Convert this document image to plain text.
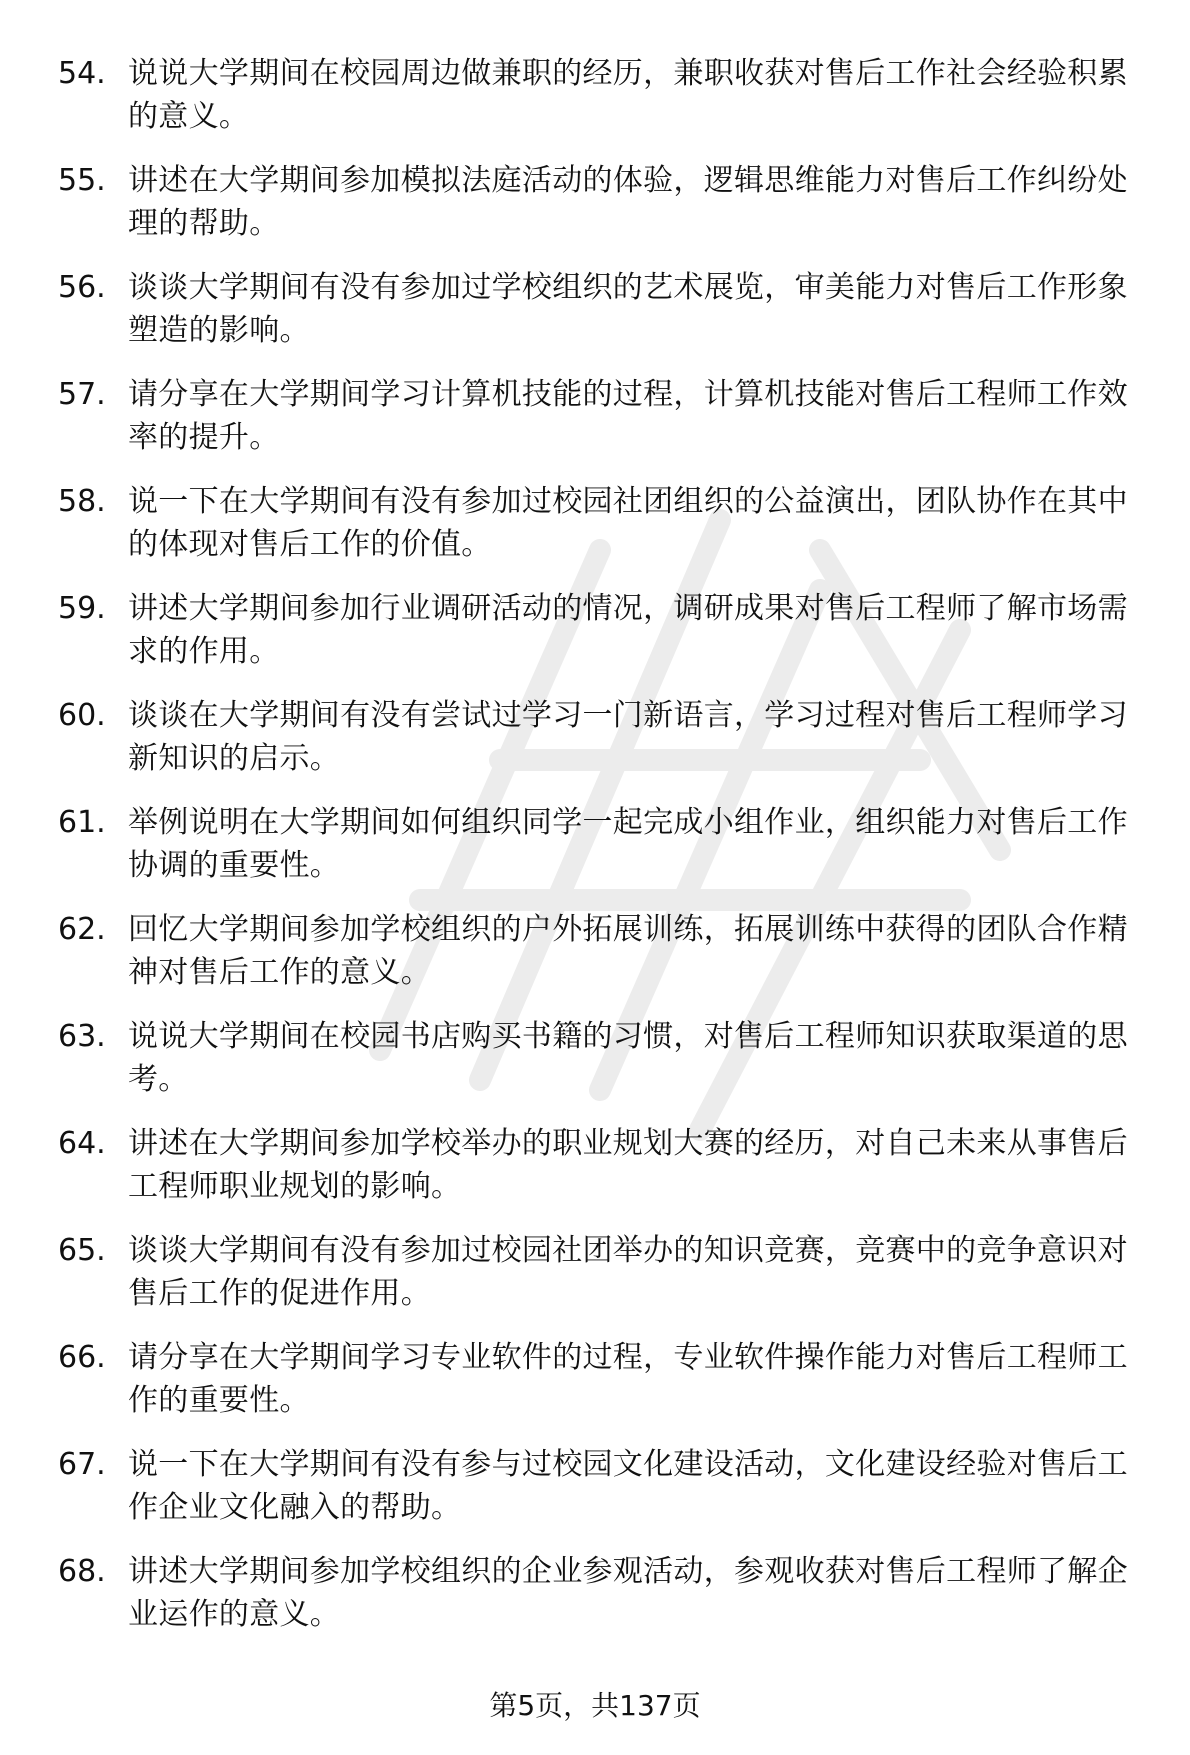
54. 说说大学期间在校园周边做兼职的经历，兼职收获对售后工作社会经验积累的意义。
55. 讲述在大学期间参加模拟法庭活动的体验，逻辑思维能力对售后工作纠纷处理的帮助。
56. 谈谈大学期间有没有参加过学校组织的艺术展览，审美能力对售后工作形象塑造的影响。
57. 请分享在大学期间学习计算机技能的过程，计算机技能对售后工程师工作效率的提升。
58. 说一下在大学期间有没有参加过校园社团组织的公益演出，团队协作在其中的体现对售后工作的价值。
59. 讲述大学期间参加行业调研活动的情况，调研成果对售后工程师了解市场需求的作用。
60. 谈谈在大学期间有没有尝试过学习一门新语言，学习过程对售后工程师学习新知识的启示。
61. 举例说明在大学期间如何组织同学一起完成小组作业，组织能力对售后工作协调的重要性。
62. 回忆大学期间参加学校组织的户外拓展训练，拓展训练中获得的团队合作精神对售后工作的意义。
63. 说说大学期间在校园书店购买书籍的习惯，对售后工程师知识获取渠道的思考。
64. 讲述在大学期间参加学校举办的职业规划大赛的经历，对自己未来从事售后工程师职业规划的影响。
65. 谈谈大学期间有没有参加过校园社团举办的知识竞赛，竞赛中的竞争意识对售后工作的促进作用。
66. 请分享在大学期间学习专业软件的过程，专业软件操作能力对售后工程师工作的重要性。
67. 说一下在大学期间有没有参与过校园文化建设活动，文化建设经验对售后工作企业文化融入的帮助。
68. 讲述大学期间参加学校组织的企业参观活动，参观收获对售后工程师了解企业运作的意义。
第5页，共137页
